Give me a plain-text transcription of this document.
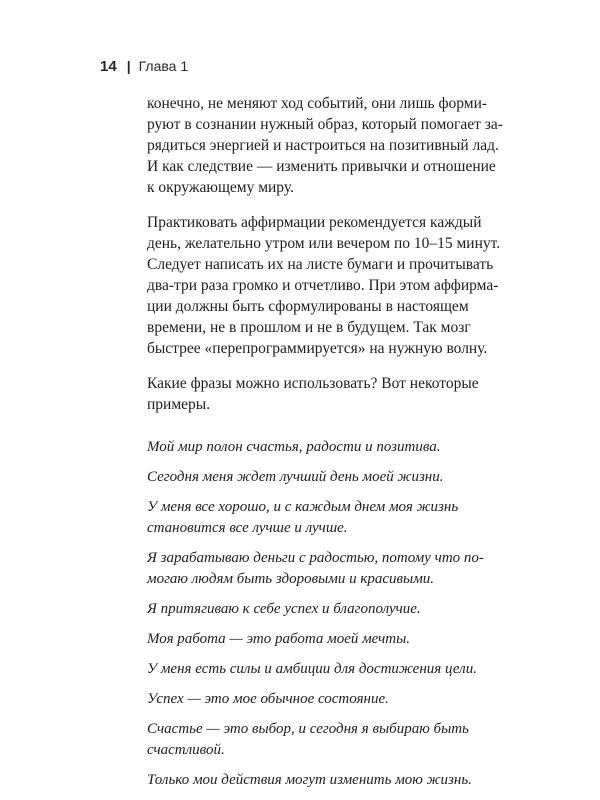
14 | Глава 1

конечно, не меняют ход событий, они лишь форми-
руют в сознании нужный образ, который помогает за-
рядиться энергией и настроиться на позитивный лад.
И как следствие — изменить привычки и отношение
к окружающему миру.

Практиковать аффирмации рекомендуется каждый
день, желательно утром или вечером по 10–15 минут.
Следует написать их на листе бумаги и прочитывать
два-три раза громко и отчетливо. При этом аффирма-
ции должны быть сформулированы в настоящем
времени, не в прошлом и не в будущем. Так мозг
быстрее «перепрограммируется» на нужную волну.

Какие фразы можно использовать? Вот некоторые
примеры.

Мой мир полон счастья, радости и позитива.

Сегодня меня ждет лучший день моей жизни.

У меня все хорошо, и с каждым днем моя жизнь
становится все лучше и лучше.

Я зарабатываю деньги с радостью, потому что по-
могаю людям быть здоровыми и красивыми.

Я притягиваю к себе успех и благополучие.

Моя работа — это работа моей мечты.

У меня есть силы и амбиции для достижения цели.

Успех — это мое обычное состояние.

Счастье — это выбор, и сегодня я выбираю быть
счастливой.

Только мои действия могут изменить мою жизнь.
